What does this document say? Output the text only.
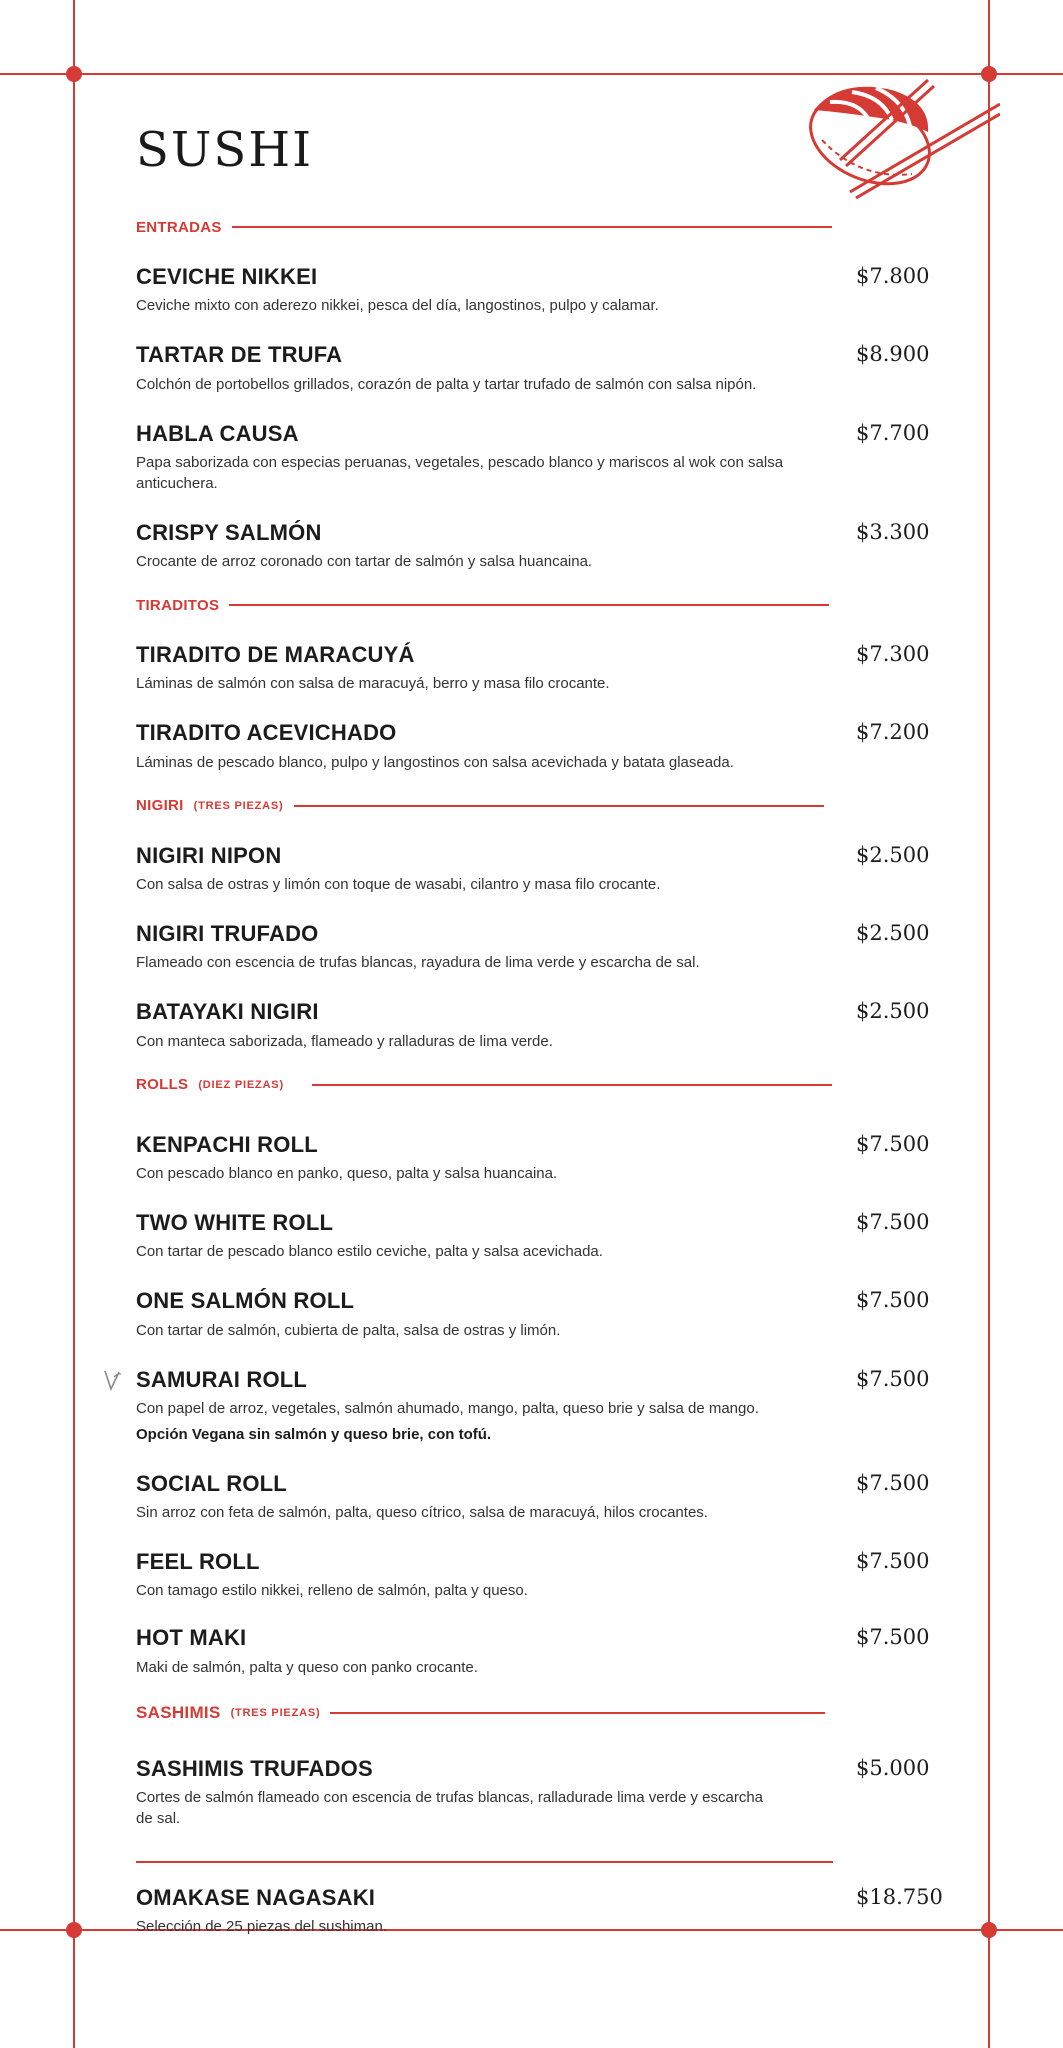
SUSHI
ENTRADAS

CEVICHE NIKKEI	$7.800

Ceviche mixto con aderezo nikkei, pesca del día, langostinos, pulpo y calamar.

TARTAR DE TRUFA	$8.900

Colchón de portobellos grillados, corazón de palta y tartar trufado de salmón con salsa nipón.

HABLA CAUSA	$7.700

Papa saborizada con especias peruanas, vegetales, pescado blanco y mariscos al wok con salsa anticuchera.

CRISPY SALMÓN	$3.300

Crocante de arroz coronado con tartar de salmón y salsa huancaina.

TIRADITOS

TIRADITO DE MARACUYÁ	$7.300

Láminas de salmón con salsa de maracuyá, berro y masa filo crocante.

TIRADITO ACEVICHADO	$7.200

Láminas de pescado blanco, pulpo y langostinos con salsa acevichada y batata glaseada.

NIGIRI (TRES PIEZAS)

NIGIRI NIPON	$2.500

Con salsa de ostras y limón con toque de wasabi, cilantro y masa filo crocante.

NIGIRI TRUFADO	$2.500

Flameado con escencia de trufas blancas, rayadura de lima verde y escarcha de sal.

BATAYAKI NIGIRI	$2.500

Con manteca saborizada, flameado y ralladuras de lima verde.

ROLLS (DIEZ PIEZAS)

KENPACHI ROLL	$7.500

Con pescado blanco en panko, queso, palta y salsa huancaina.

TWO WHITE ROLL	$7.500

Con tartar de pescado blanco estilo ceviche, palta y salsa acevichada.

ONE SALMÓN ROLL	$7.500

Con tartar de salmón, cubierta de palta, salsa de ostras y limón.

SAMURAI ROLL	$7.500

Con papel de arroz, vegetales, salmón ahumado, mango, palta, queso brie y salsa de mango.

Opción Vegana sin salmón y queso brie, con tofú.

SOCIAL ROLL	$7.500

Sin arroz con feta de salmón, palta, queso cítrico, salsa de maracuyá, hilos crocantes.

FEEL ROLL	$7.500

Con tamago estilo nikkei, relleno de salmón, palta y queso.

HOT MAKI	$7.500

Maki de salmón, palta y queso con panko crocante.

SASHIMIS (TRES PIEZAS)

SASHIMIS TRUFADOS	$5.000

Cortes de salmón flameado con escencia de trufas blancas, ralladurade lima verde y escarcha de sal.

OMAKASE NAGASAKI	$18.750

Selección de 25 piezas del sushiman.
